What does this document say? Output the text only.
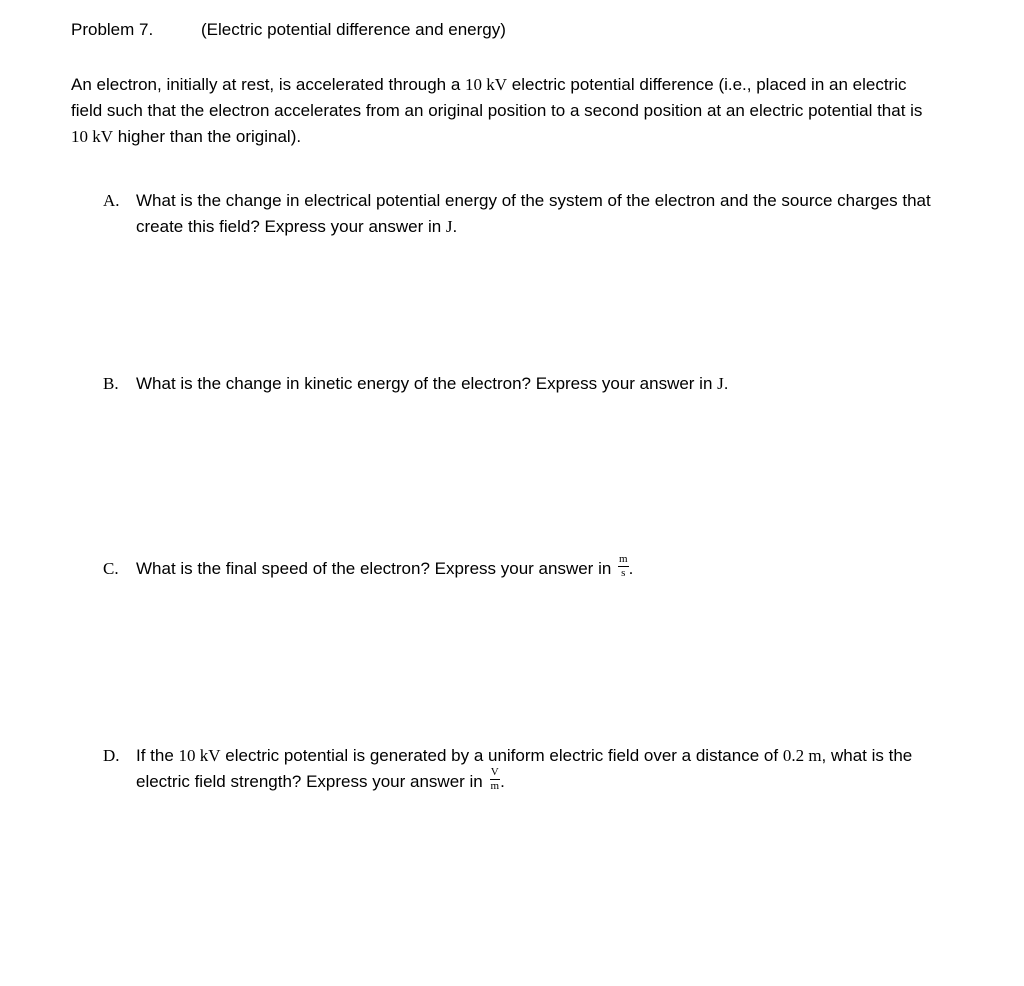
Problem 7.	(Electric potential difference and energy)
An electron, initially at rest, is accelerated through a 10 kV electric potential difference (i.e., placed in an electric field such that the electron accelerates from an original position to a second position at an electric potential that is 10 kV higher than the original).
A. What is the change in electrical potential energy of the system of the electron and the source charges that create this field? Express your answer in J.
B. What is the change in kinetic energy of the electron? Express your answer in J.
C. What is the final speed of the electron? Express your answer in $\frac{m}{s}$ .
D. If the 10 kV electric potential is generated by a uniform electric field over a distance of 0.2 m, what is the electric field strength? Express your answer in $\frac{V}{m}$ .
